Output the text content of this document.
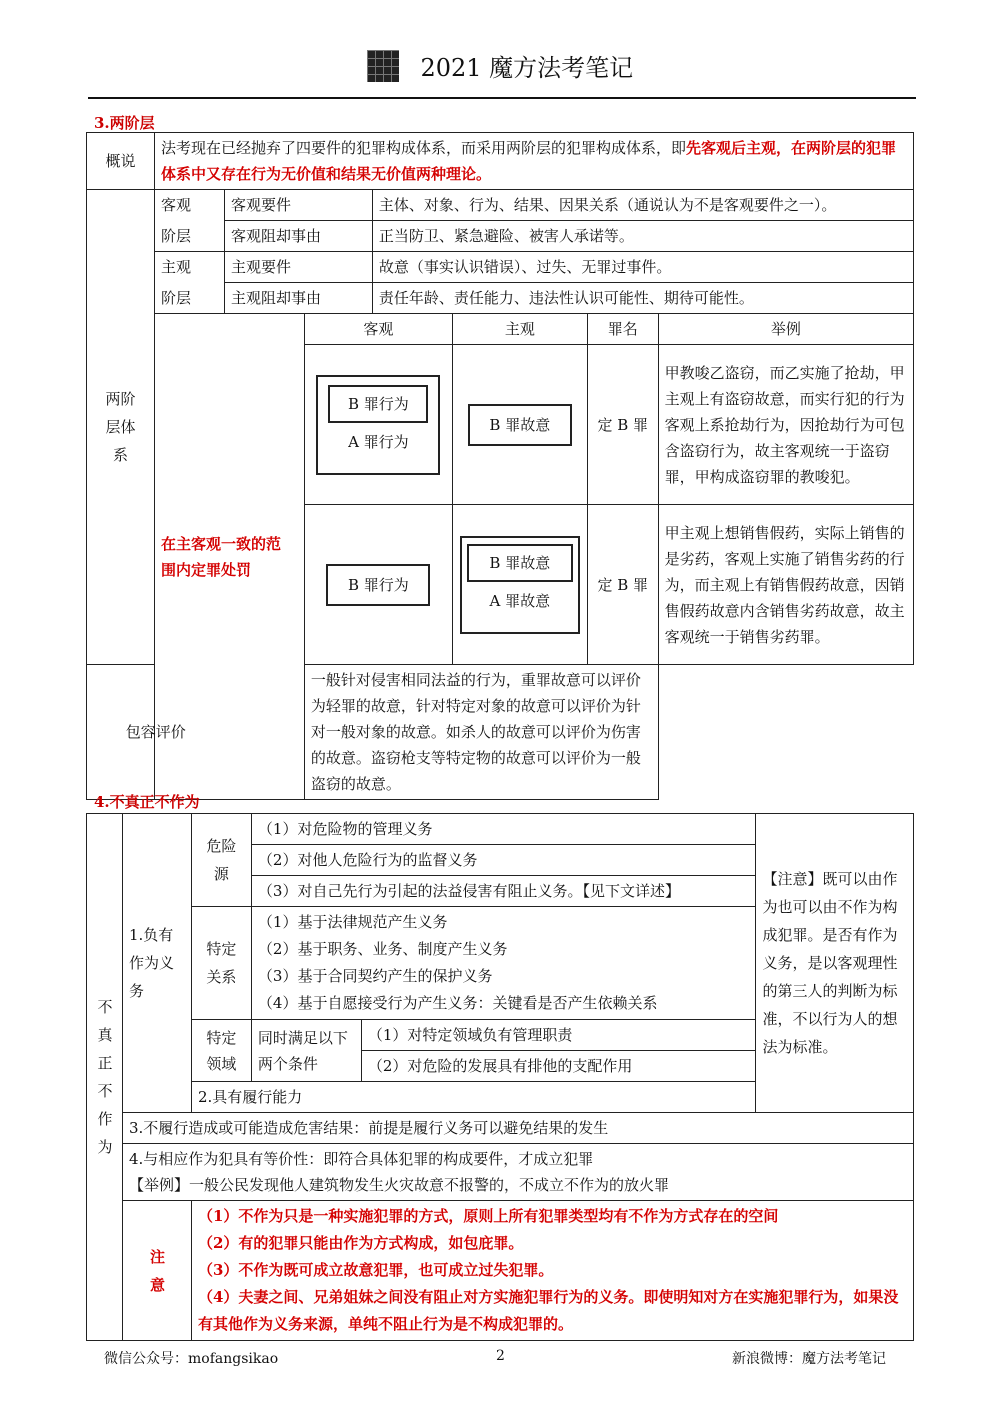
2021 魔方法考笔记
3.两阶层
概说	法考现在已经抛弃了四要件的犯罪构成体系，而采用两阶层的犯罪构成体系，即先客观后主观，在两阶层的犯罪体系中又存在行为无价值和结果无价值两种理论。						

两阶层体系	客观	客观要件		主体、对象、行为、结果、因果关系（通说认为不是客观要件之一）。			
	阶层	客观阻却事由		正当防卫、紧急避险、被害人承诺等。			
	主观	主观要件		故意（事实认识错误）、过失、无罪过事件。			
	阶层	主观阻却事由		责任年龄、责任能力、违法性认识可能性、期待可能性。			

	在主客观一致的范围内定罪处罚		客观		主观	罪名	举例

B 罪行为
A 罪行为		B 罪故意	定 B 罪	甲教唆乙盗窃，而乙实施了抢劫，甲主观上有盗窃故意，而实行犯的行为客观上系抢劫行为，因抢劫行为可包含盗窃行为，故主客观统一于盗窃罪，甲构成盗窃罪的教唆犯。

B 罪行为		B 罪故意
A 罪故意	定 B 罪	甲主观上想销售假药，实际上销售的是劣药，客观上实施了销售劣药的行为，而主观上有销售假药故意，因销售假药故意内含销售劣药故意，故主客观统一于销售劣药罪。
包容评价			一般针对侵害相同法益的行为，重罪故意可以评价为轻罪的故意，针对特定对象的故意可以评价为针对一般对象的故意。如杀人的故意可以评价为伤害的故意。盗窃枪支等特定物的故意可以评价为一般盗窃的故意。				
4.不真正不作为
不真正不作为	1.负有作为义务	危险源	（1）对危险物的管理义务		【注意】既可以由作为也可以由不作为构成犯罪。是否有作为义务，是以客观理性的第三人的判断为标准，不以行为人的想法为标准。

			（2）对他人危险行为的监督义务		
			（3）对自己先行为引起的法益侵害有阻止义务。【见下文详述】		

		特定关系	（1）基于法律规范产生义务
（2）基于职务、业务、制度产生义务
（3）基于合同契约产生的保护义务
（4）基于自愿接受行为产生义务：关键看是否产生依赖关系		

		特定领域	同时满足以下两个条件	（1）对特定领域负有管理职责	
				（2）对危险的发展具有排他的支配作用	
		2.具有履行能力			
	3.不履行造成或可能造成危害结果：前提是履行义务可以避免结果的发生				

	4.与相应作为犯具有等价性：即符合具体犯罪的构成要件，才成立犯罪
【举例】一般公民发现他人建筑物发生火灾故意不报警的，不成立不作为的放火罪				

	注意	（1）不作为只是一种实施犯罪的方式，原则上所有犯罪类型均有不作为方式存在的空间
（2）有的犯罪只能由作为方式构成，如包庇罪。
（3）不作为既可成立故意犯罪，也可成立过失犯罪。
（4）夫妻之间、兄弟姐妹之间没有阻止对方实施犯罪行为的义务。即使明知对方在实施犯罪行为，如果没有其他作为义务来源，单纯不阻止行为是不构成犯罪的。			
微信公众号：mofangsikao	2	新浪微博：魔方法考笔记
